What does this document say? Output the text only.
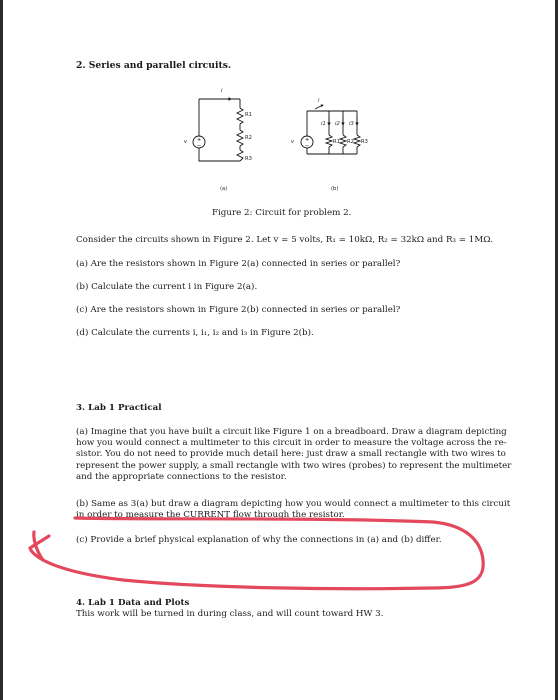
2. Series and parallel circuits.
+
−
i
v
R1
R2
R3
(a)
+
−
i
v
i1 i2 i3
R1 R2 R3
(b)
Figure 2: Circuit for problem 2.
Consider the circuits shown in Figure 2. Let v = 5 volts, R₁ = 10kΩ, R₂ = 32kΩ and R₃ = 1MΩ.
(a) Are the resistors shown in Figure 2(a) connected in series or parallel?
(b) Calculate the current i in Figure 2(a).
(c) Are the resistors shown in Figure 2(b) connected in series or parallel?
(d) Calculate the currents i, i₁, i₂ and i₃ in Figure 2(b).
3. Lab 1 Practical
(a) Imagine that you have built a circuit like Figure 1 on a breadboard. Draw a diagram depicting
how you would connect a multimeter to this circuit in order to measure the voltage across the re-
sistor. You do not need to provide much detail here: just draw a small rectangle with two wires to
represent the power supply, a small rectangle with two wires (probes) to represent the multimeter
and the appropriate connections to the resistor.
(b) Same as 3(a) but draw a diagram depicting how you would connect a multimeter to this circuit
in order to measure the CURRENT flow through the resistor.
(c) Provide a brief physical explanation of why the connections in (a) and (b) differ.
4. Lab 1 Data and Plots
This work will be turned in during class, and will count toward HW 3.
